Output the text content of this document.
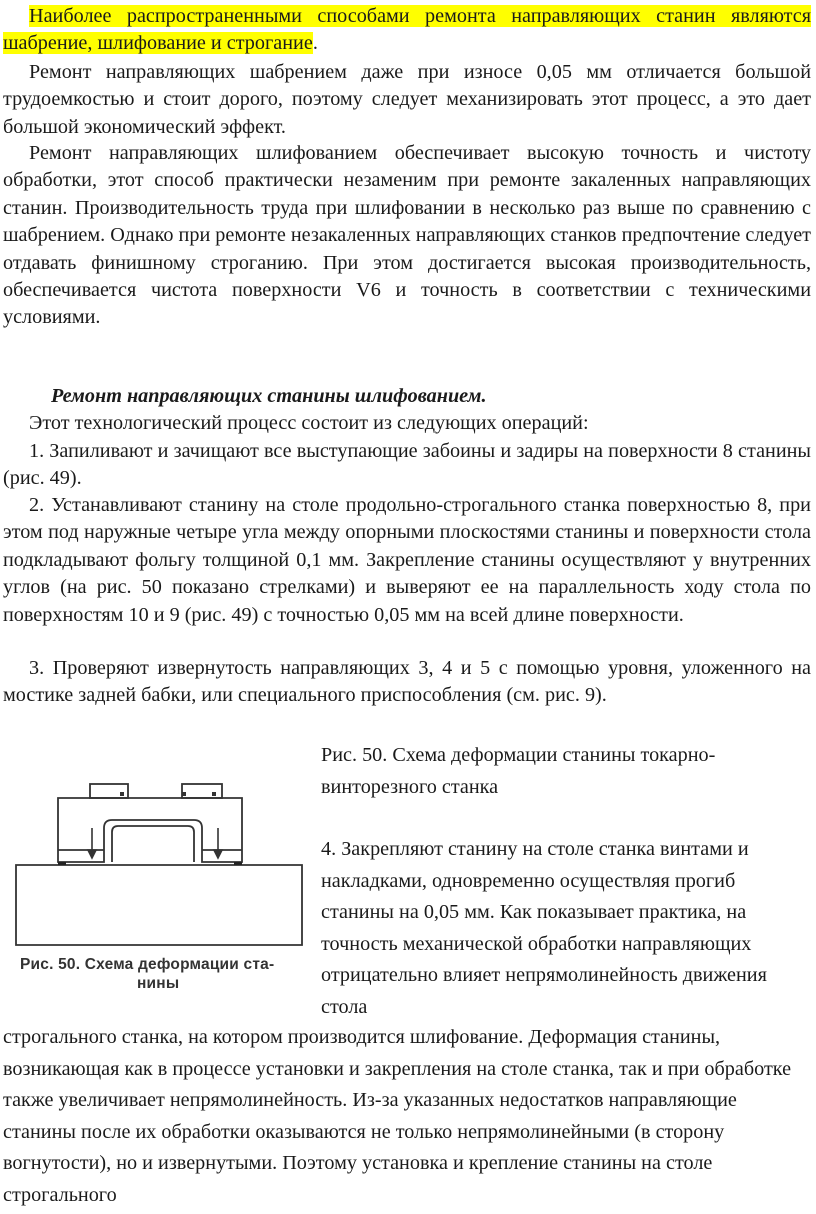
Наиболее распространенными способами ремонта направляющих станин являются шабрение, шлифование и строгание.

Ремонт направляющих шабрением даже при износе 0,05 мм отличается большой трудоемкостью и стоит дорого, поэтому следует механизировать этот процесс, а это дает большой экономический эффект.

Ремонт направляющих шлифованием обеспечивает высокую точность и чистоту обработки, этот способ практически незаменим при ремонте закаленных направляющих станин. Производительность труда при шлифовании в несколько раз выше по сравнению с шабрением. Однако при ремонте незакаленных направляющих станков предпочтение следует отдавать финишному строганию. При этом достигается высокая производительность, обеспечивается чистота поверхности V6 и точность в соответствии с техническими условиями.

Ремонт направляющих станины шлифованием.

Этот технологический процесс состоит из следующих операций:

1. Запиливают и зачищают все выступающие забоины и задиры на поверхности 8 станины (рис. 49).

2. Устанавливают станину на столе продольно-строгального станка поверхностью 8, при этом под наружные четыре угла между опорными плоскостями станины и поверхности стола подкладывают фольгу толщиной 0,1 мм. Закрепление станины осуществляют у внутренних углов (на рис. 50 показано стрелками) и выверяют ее на параллельность ходу стола по поверхностям 10 и 9 (рис. 49) с точностью 0,05 мм на всей длине поверхности.

3. Проверяют извернутость направляющих 3, 4 и 5 с помощью уровня, уложенного на мостике задней бабки, или специального приспособления (см. рис. 9).

Рис. 50. Схема деформации ста-
нины

Рис. 50. Схема деформации станины токарно-винторезного станка

4. Закрепляют станину на столе станка винтами и накладками, одновременно осуществляя прогиб станины на 0,05 мм. Как показывает практика, на точность механической обработки направляющих отрицательно влияет непрямолинейность движения стола

строгального станка, на котором производится шлифование. Деформация станины, возникающая как в процессе установки и закрепления на столе станка, так и при обработке также увеличивает непрямолинейность. Из-за указанных недостатков направляющие станины после их обработки оказываются не только непрямолинейными (в сторону вогнутости), но и извернутыми. Поэтому установка и крепление станины на столе строгального
